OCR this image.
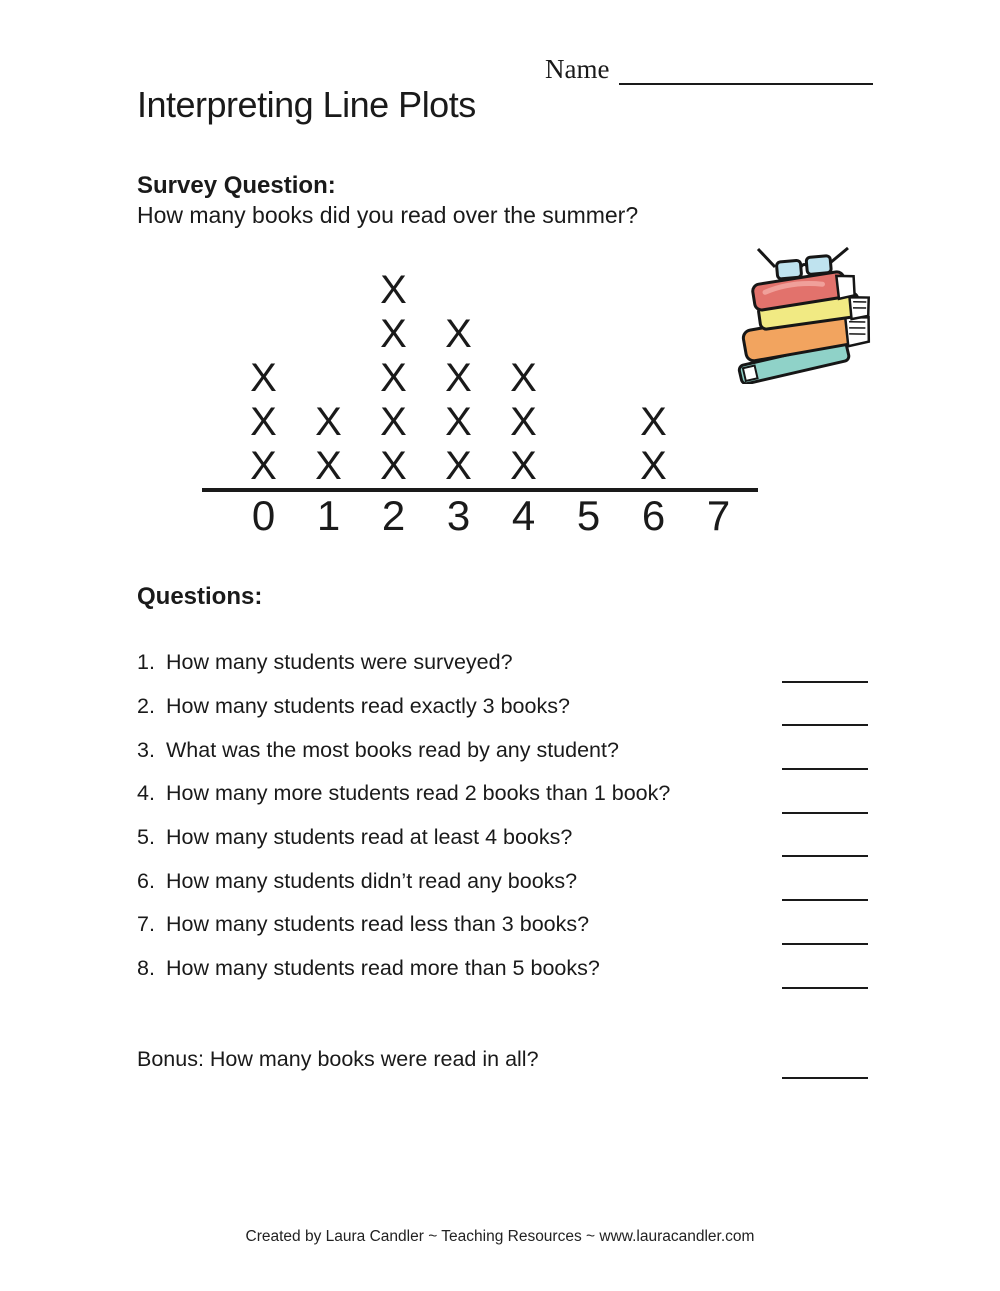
Name
Interpreting Line Plots
Survey Question:
How many books did you read over the summer?
X
X
X
X
X
X
X
X
X
X
X
X
X
X
X
X
X
X
X
0 1 2 3 4 5 6 7
Questions:
1. How many students were surveyed?
2. How many students read exactly 3 books?
3. What was the most books read by any student?
4. How many more students read 2 books than 1 book?
5. How many students read at least 4 books?
6. How many students didn’t read any books?
7. How many students read less than 3 books?
8. How many students read more than 5 books?
Bonus: How many books were read in all?
Created by Laura Candler ~ Teaching Resources ~ www.lauracandler.com
